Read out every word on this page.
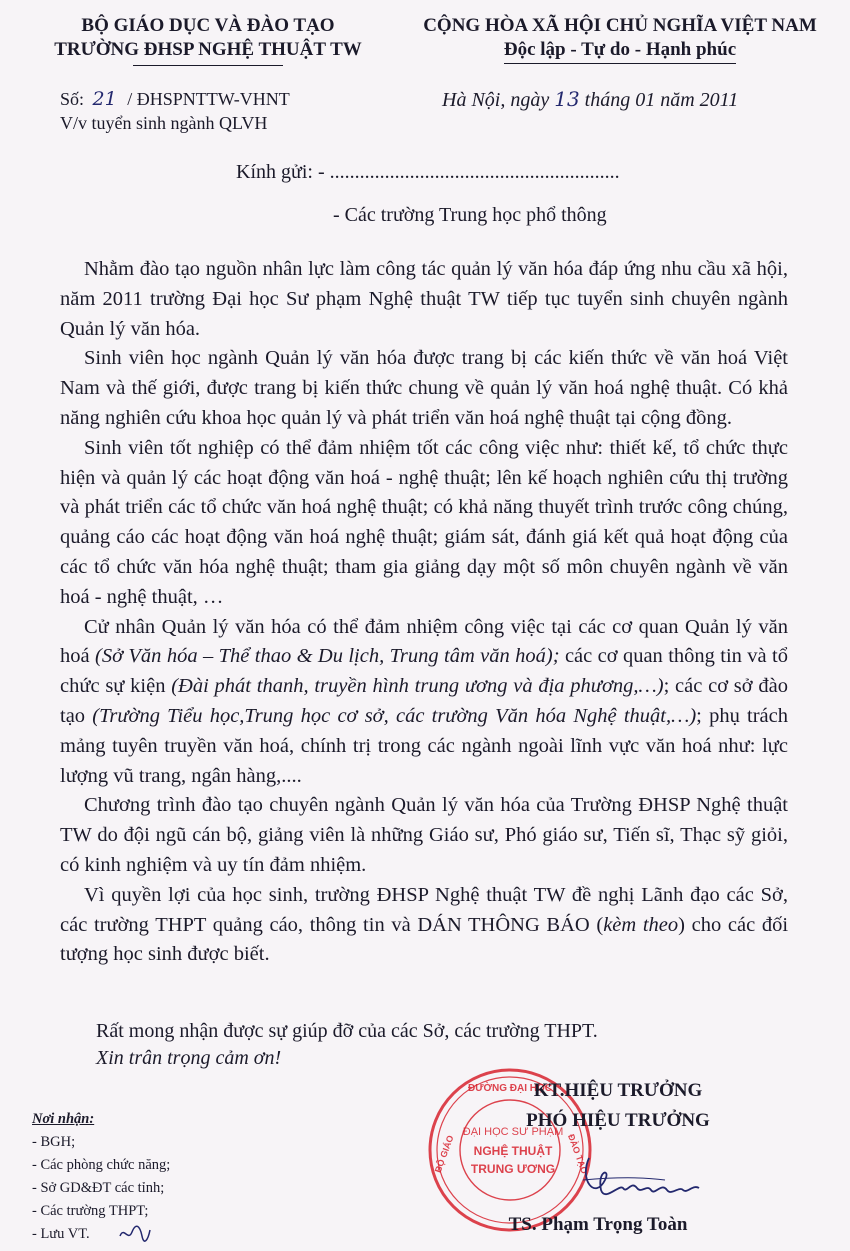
BỘ GIÁO DỤC VÀ ĐÀO TẠO
TRƯỜNG ĐHSP NGHỆ THUẬT TW
CỘNG HÒA XÃ HỘI CHỦ NGHĨA VIỆT NAM
Độc lập - Tự do - Hạnh phúc
Số: 21 / ĐHSPNTTW-VHNT
V/v tuyển sinh ngành QLVH
Hà Nội, ngày 13 tháng 01 năm 2011
Kính gửi: - ..........................................................
- Các trường Trung học phổ thông

Nhằm đào tạo nguồn nhân lực làm công tác quản lý văn hóa đáp ứng nhu cầu xã hội, năm 2011 trường Đại học Sư phạm Nghệ thuật TW tiếp tục tuyển sinh chuyên ngành Quản lý văn hóa.

Sinh viên học ngành Quản lý văn hóa được trang bị các kiến thức về văn hoá Việt Nam và thế giới, được trang bị kiến thức chung về quản lý văn hoá nghệ thuật. Có khả năng nghiên cứu khoa học quản lý và phát triển văn hoá nghệ thuật tại cộng đồng.

Sinh viên tốt nghiệp có thể đảm nhiệm tốt các công việc như: thiết kế, tổ chức thực hiện và quản lý các hoạt động văn hoá - nghệ thuật; lên kế hoạch nghiên cứu thị trường và phát triển các tổ chức văn hoá nghệ thuật; có khả năng thuyết trình trước công chúng, quảng cáo các hoạt động văn hoá nghệ thuật; giám sát, đánh giá kết quả hoạt động của các tổ chức văn hóa nghệ thuật; tham gia giảng dạy một số môn chuyên ngành về văn hoá - nghệ thuật, …

Cử nhân Quản lý văn hóa có thể đảm nhiệm công việc tại các cơ quan Quản lý văn hoá (Sở Văn hóa – Thể thao & Du lịch, Trung tâm văn hoá); các cơ quan thông tin và tổ chức sự kiện (Đài phát thanh, truyền hình trung ương và địa phương,…); các cơ sở đào tạo (Trường Tiểu học,Trung học cơ sở, các trường Văn hóa Nghệ thuật,…); phụ trách mảng tuyên truyền văn hoá, chính trị trong các ngành ngoài lĩnh vực văn hoá như: lực lượng vũ trang, ngân hàng,....

Chương trình đào tạo chuyên ngành Quản lý văn hóa của Trường ĐHSP Nghệ thuật TW do đội ngũ cán bộ, giảng viên là những Giáo sư, Phó giáo sư, Tiến sĩ, Thạc sỹ giỏi, có kinh nghiệm và uy tín đảm nhiệm.

Vì quyền lợi của học sinh, trường ĐHSP Nghệ thuật TW đề nghị Lãnh đạo các Sở, các trường THPT quảng cáo, thông tin và DÁN THÔNG BÁO (kèm theo) cho các đối tượng học sinh được biết.

Rất mong nhận được sự giúp đỡ của các Sở, các trường THPT.
Xin trân trọng cảm ơn!
Nơi nhận:
- BGH;
- Các phòng chức năng;
- Sở GD&ĐT các tỉnh;
- Các trường THPT;
- Lưu VT.
ĐƯỜNG ĐẠI HỌC
BỘ GIÁO	ĐÀO TẠO
ĐẠI HỌC SƯ PHẠM
NGHỆ THUẬT
TRUNG ƯƠNG
KT.HIỆU TRƯỞNG
PHÓ HIỆU TRƯỞNG
TS. Phạm Trọng Toàn
